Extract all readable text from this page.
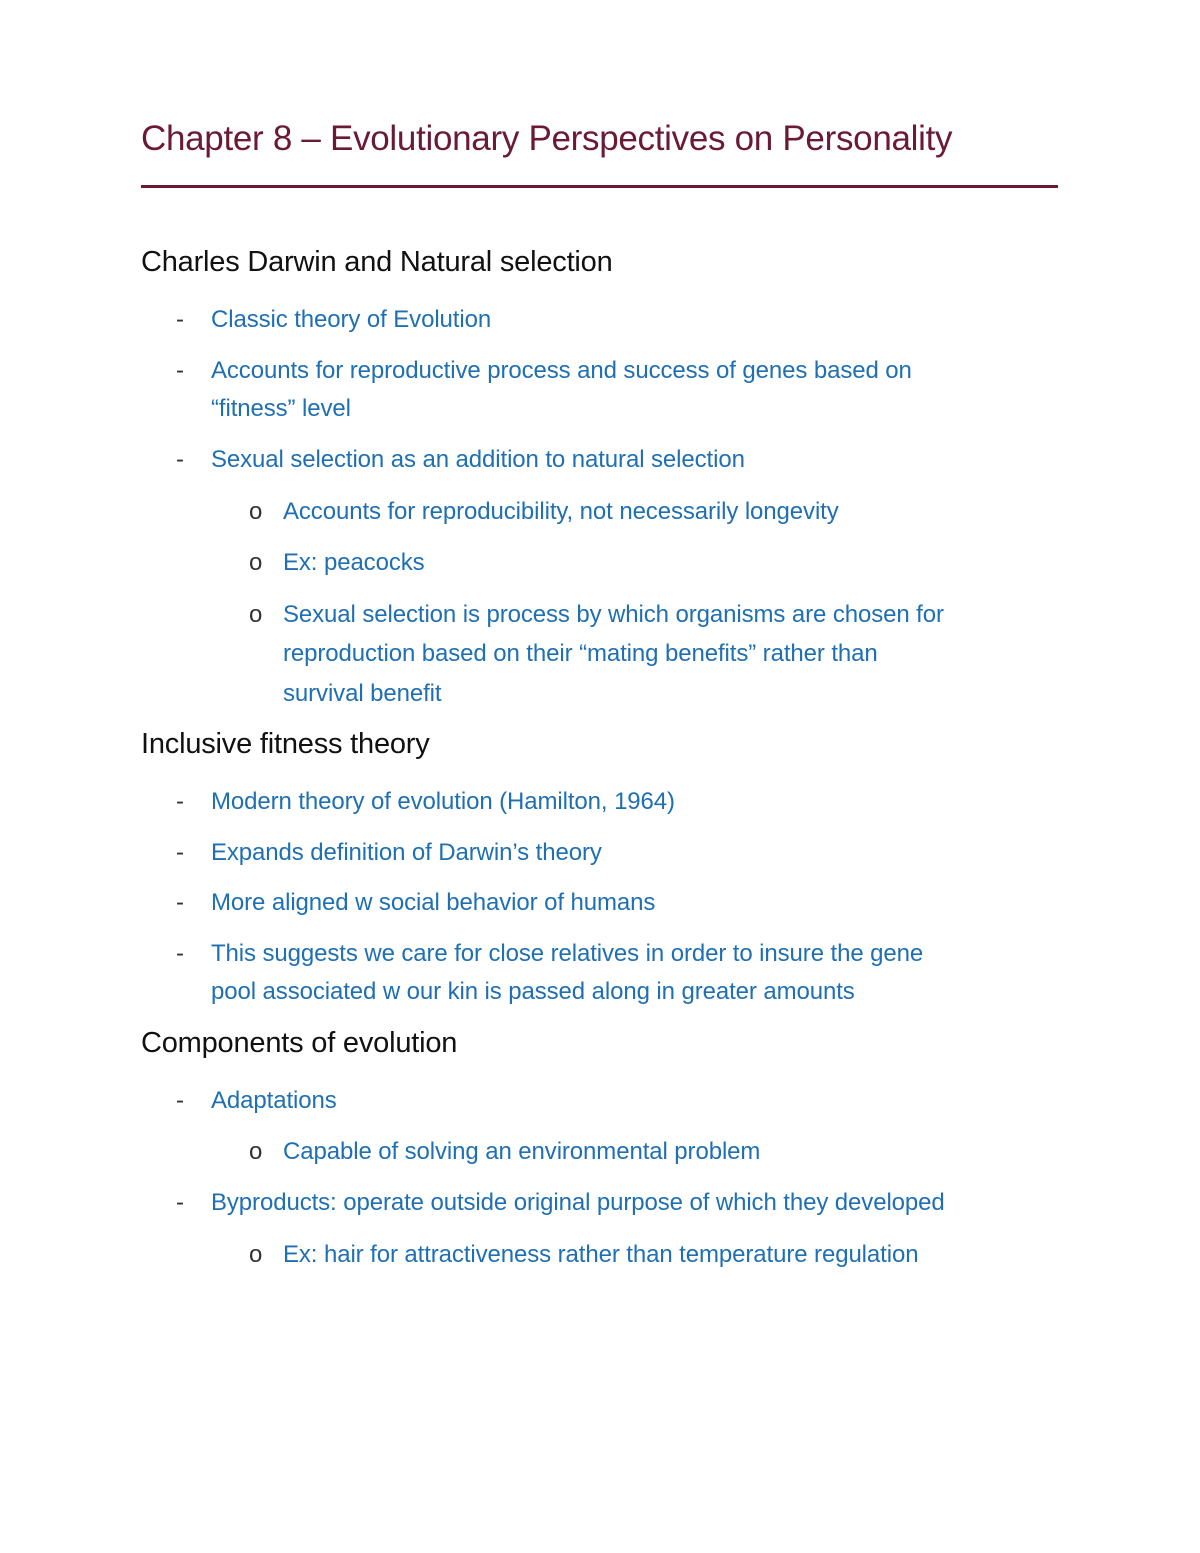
Chapter 8 – Evolutionary Perspectives on Personality
Charles Darwin and Natural selection
- Classic theory of Evolution
- Accounts for reproductive process and success of genes based on
“fitness” level
- Sexual selection as an addition to natural selection
o Accounts for reproducibility, not necessarily longevity
o Ex: peacocks
o Sexual selection is process by which organisms are chosen for
reproduction based on their “mating benefits” rather than
survival benefit
Inclusive fitness theory
- Modern theory of evolution (Hamilton, 1964)
- Expands definition of Darwin’s theory
- More aligned w social behavior of humans
- This suggests we care for close relatives in order to insure the gene
pool associated w our kin is passed along in greater amounts
Components of evolution
- Adaptations
o Capable of solving an environmental problem
- Byproducts: operate outside original purpose of which they developed
o Ex: hair for attractiveness rather than temperature regulation
